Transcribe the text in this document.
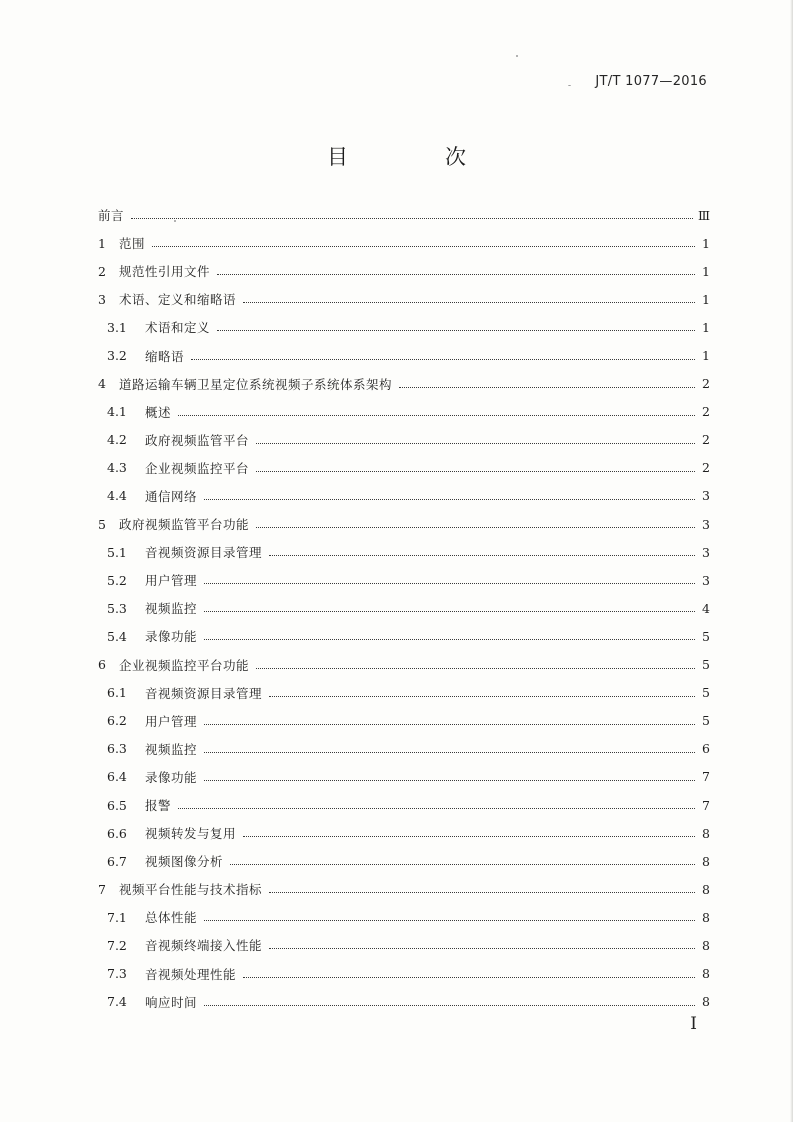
JT/T 1077—2016
目　次
前言	Ⅲ
1	范围	1
2	规范性引用文件	1
3	术语、定义和缩略语	1
3.1	术语和定义	1
3.2	缩略语	1
4	道路运输车辆卫星定位系统视频子系统体系架构	2
4.1	概述	2
4.2	政府视频监管平台	2
4.3	企业视频监控平台	2
4.4	通信网络	3
5	政府视频监管平台功能	3
5.1	音视频资源目录管理	3
5.2	用户管理	3
5.3	视频监控	4
5.4	录像功能	5
6	企业视频监控平台功能	5
6.1	音视频资源目录管理	5
6.2	用户管理	5
6.3	视频监控	6
6.4	录像功能	7
6.5	报警	7
6.6	视频转发与复用	8
6.7	视频图像分析	8
7	视频平台性能与技术指标	8
7.1	总体性能	8
7.2	音视频终端接入性能	8
7.3	音视频处理性能	8
7.4	响应时间	8
I
